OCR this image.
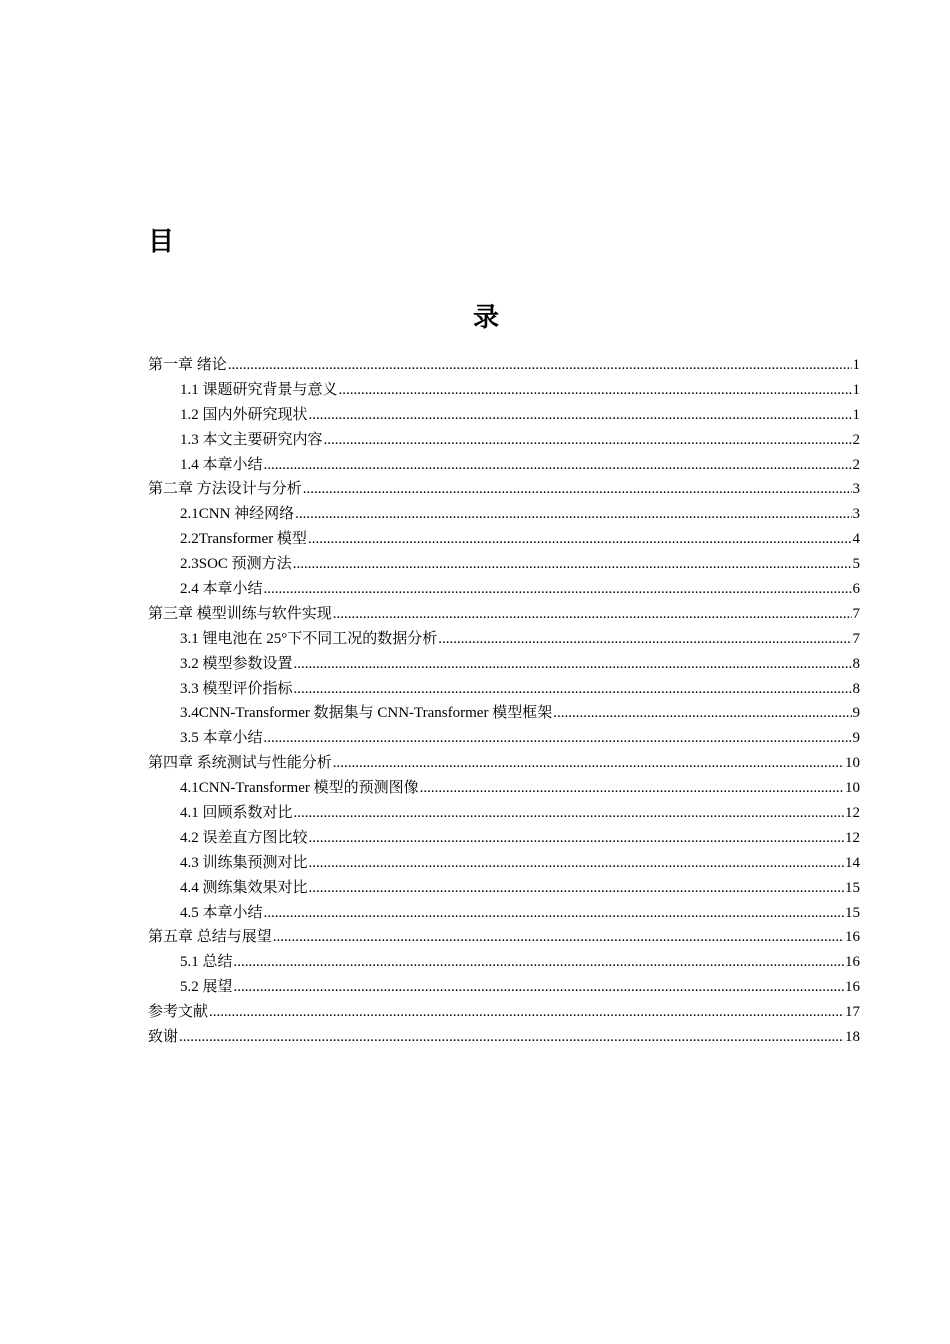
目
录
第一章 绪论 .....	1
1.1 课题研究背景与意义 .....	1
1.2 国内外研究现状 .....	1
1.3 本文主要研究内容 .....	2
1.4 本章小结 .....	2
第二章 方法设计与分析 .....	3
2.1CNN 神经网络 .....	3
2.2Transformer 模型 .....	4
2.3SOC 预测方法 .....	5
2.4 本章小结 .....	6
第三章 模型训练与软件实现 .....	7
3.1 锂电池在 25°下不同工况的数据分析 .....	7
3.2 模型参数设置 .....	8
3.3 模型评价指标 .....	8
3.4CNN-Transformer 数据集与 CNN-Transformer 模型框架 .....	9
3.5 本章小结 .....	9
第四章 系统测试与性能分析 .....	10
4.1CNN-Transformer 模型的预测图像 .....	10
4.1 回顾系数对比 .....	12
4.2 误差直方图比较 .....	12
4.3 训练集预测对比 .....	14
4.4 测练集效果对比 .....	15
4.5 本章小结 .....	15
第五章 总结与展望 .....	16
5.1 总结 .....	16
5.2 展望 .....	16
参考文献 .....	17
致谢 .....	18
